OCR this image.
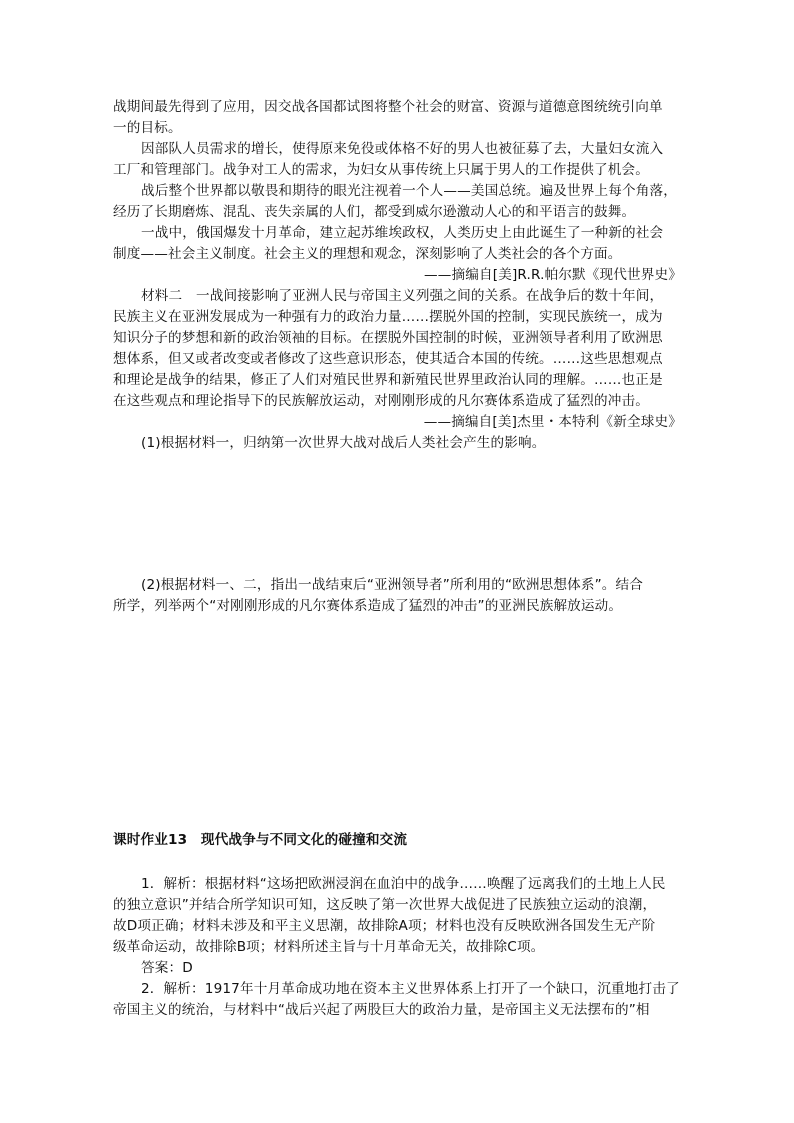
战期间最先得到了应用，因交战各国都试图将整个社会的财富、资源与道德意图统统引向单
一的目标。
因部队人员需求的增长，使得原来免役或体格不好的男人也被征募了去，大量妇女流入
工厂和管理部门。战争对工人的需求，为妇女从事传统上只属于男人的工作提供了机会。
战后整个世界都以敬畏和期待的眼光注视着一个人——美国总统。遍及世界上每个角落，
经历了长期磨炼、混乱、丧失亲属的人们，都受到威尔逊激动人心的和平语言的鼓舞。
一战中，俄国爆发十月革命，建立起苏维埃政权，人类历史上由此诞生了一种新的社会
制度——社会主义制度。社会主义的理想和观念，深刻影响了人类社会的各个方面。
——摘编自[美]R.R.帕尔默《现代世界史》
材料二　一战间接影响了亚洲人民与帝国主义列强之间的关系。在战争后的数十年间，
民族主义在亚洲发展成为一种强有力的政治力量……摆脱外国的控制，实现民族统一，成为
知识分子的梦想和新的政治领袖的目标。在摆脱外国控制的时候，亚洲领导者利用了欧洲思
想体系，但又或者改变或者修改了这些意识形态，使其适合本国的传统。……这些思想观点
和理论是战争的结果，修正了人们对殖民世界和新殖民世界里政治认同的理解。……也正是
在这些观点和理论指导下的民族解放运动，对刚刚形成的凡尔赛体系造成了猛烈的冲击。
——摘编自[美]杰里・本特利《新全球史》
(1)根据材料一，归纳第一次世界大战对战后人类社会产生的影响。
(2)根据材料一、二，指出一战结束后“亚洲领导者”所利用的“欧洲思想体系”。结合
所学，列举两个“对刚刚形成的凡尔赛体系造成了猛烈的冲击”的亚洲民族解放运动。
课时作业13　现代战争与不同文化的碰撞和交流
1．解析：根据材料“这场把欧洲浸润在血泊中的战争……唤醒了远离我们的土地上人民
的独立意识”并结合所学知识可知，这反映了第一次世界大战促进了民族独立运动的浪潮，
故D项正确；材料未涉及和平主义思潮，故排除A项；材料也没有反映欧洲各国发生无产阶
级革命运动，故排除B项；材料所述主旨与十月革命无关，故排除C项。
答案：D
2．解析：1917年十月革命成功地在资本主义世界体系上打开了一个缺口，沉重地打击了
帝国主义的统治，与材料中“战后兴起了两股巨大的政治力量，是帝国主义无法摆布的”相
